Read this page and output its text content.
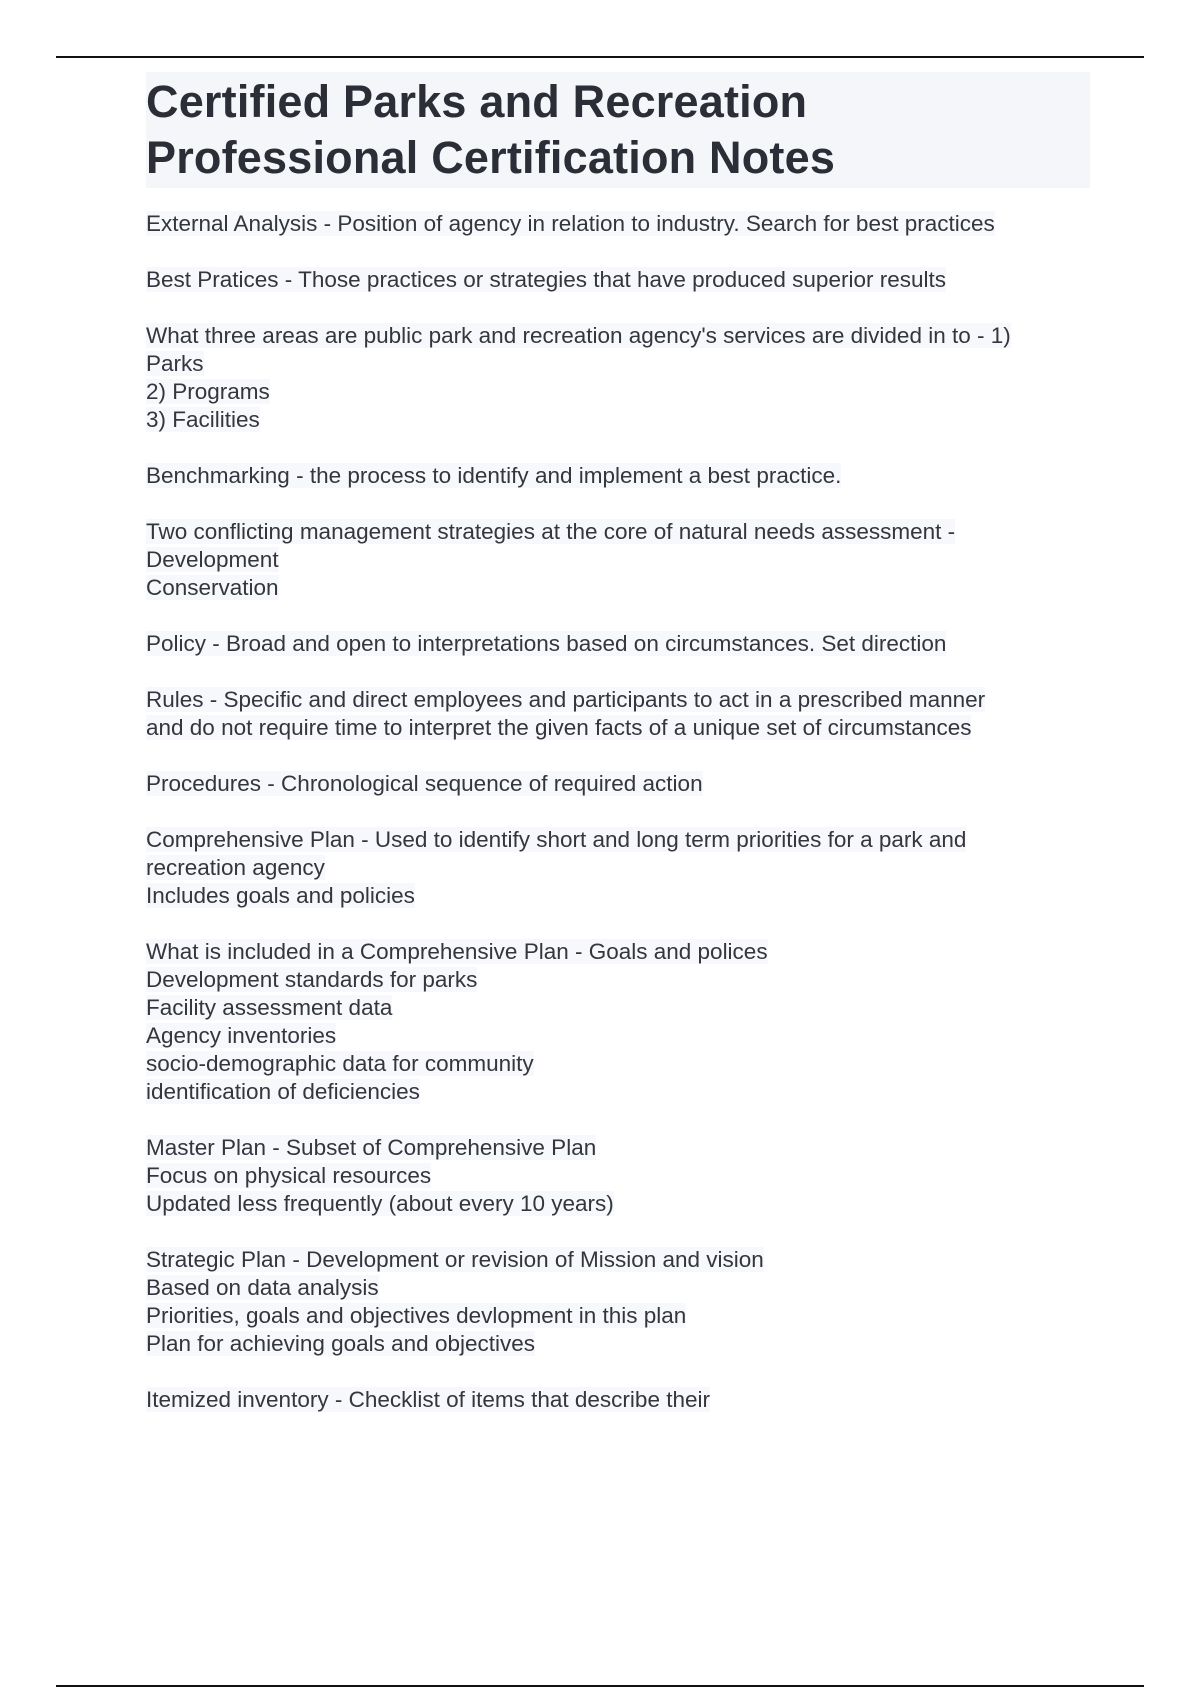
Certified Parks and Recreation
Professional Certification Notes
External Analysis - Position of agency in relation to industry. Search for best practices
Best Pratices - Those practices or strategies that have produced superior results
What three areas are public park and recreation agency's services are divided in to - 1)
Parks
2) Programs
3) Facilities
Benchmarking - the process to identify and implement a best practice.
Two conflicting management strategies at the core of natural needs assessment -
Development
Conservation
Policy - Broad and open to interpretations based on circumstances. Set direction
Rules - Specific and direct employees and participants to act in a prescribed manner
and do not require time to interpret the given facts of a unique set of circumstances
Procedures - Chronological sequence of required action
Comprehensive Plan - Used to identify short and long term priorities for a park and
recreation agency
Includes goals and policies
What is included in a Comprehensive Plan - Goals and polices
Development standards for parks
Facility assessment data
Agency inventories
socio-demographic data for community
identification of deficiencies
Master Plan - Subset of Comprehensive Plan
Focus on physical resources
Updated less frequently (about every 10 years)
Strategic Plan - Development or revision of Mission and vision
Based on data analysis
Priorities, goals and objectives devlopment in this plan
Plan for achieving goals and objectives
Itemized inventory - Checklist of items that describe their
